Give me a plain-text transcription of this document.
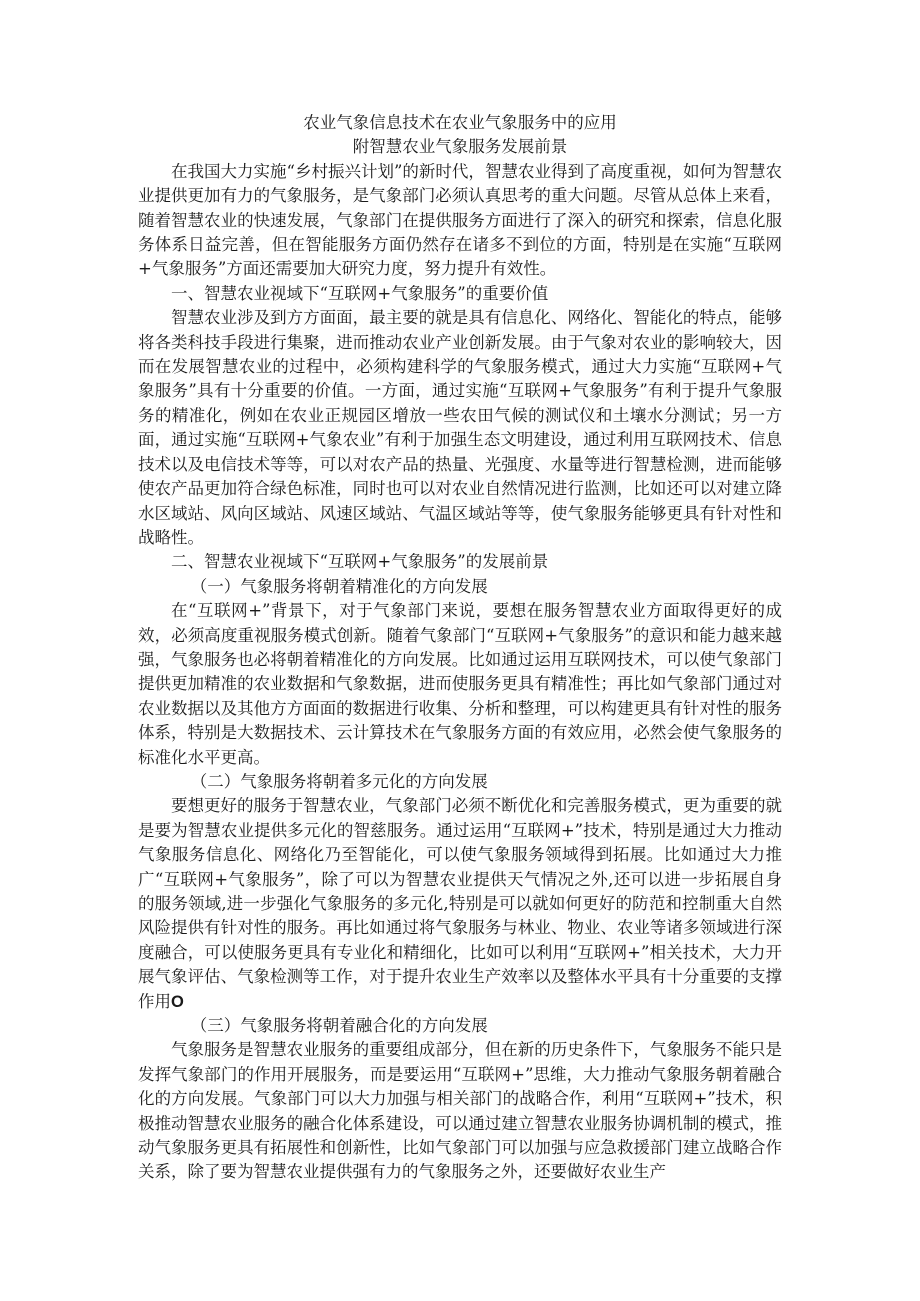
农业气象信息技术在农业气象服务中的应用

附智慧农业气象服务发展前景

在我国大力实施“乡村振兴计划”的新时代，智慧农业得到了高度重视，如何为智慧农业提供更加有力的气象服务，是气象部门必须认真思考的重大问题。尽管从总体上来看，随着智慧农业的快速发展，气象部门在提供服务方面进行了深入的研究和探索，信息化服务体系日益完善，但在智能服务方面仍然存在诸多不到位的方面，特别是在实施“互联网+气象服务”方面还需要加大研究力度，努力提升有效性。

一、智慧农业视域下“互联网+气象服务”的重要价值

智慧农业涉及到方方面面，最主要的就是具有信息化、网络化、智能化的特点，能够将各类科技手段进行集聚，进而推动农业产业创新发展。由于气象对农业的影响较大，因而在发展智慧农业的过程中，必须构建科学的气象服务模式，通过大力实施“互联网+气象服务”具有十分重要的价值。一方面，通过实施“互联网+气象服务”有利于提升气象服务的精准化，例如在农业正规园区增放一些农田气候的测试仪和土壤水分测试；另一方面，通过实施“互联网+气象农业”有利于加强生态文明建设，通过利用互联网技术、信息技术以及电信技术等等，可以对农产品的热量、光强度、水量等进行智慧检测，进而能够使农产品更加符合绿色标准，同时也可以对农业自然情况进行监测，比如还可以对建立降水区域站、风向区域站、风速区域站、气温区域站等等，使气象服务能够更具有针对性和战略性。

二、智慧农业视域下“互联网+气象服务”的发展前景

（一）气象服务将朝着精准化的方向发展

在“互联网+”背景下，对于气象部门来说，要想在服务智慧农业方面取得更好的成效，必须高度重视服务模式创新。随着气象部门“互联网+气象服务”的意识和能力越来越强，气象服务也必将朝着精准化的方向发展。比如通过运用互联网技术，可以使气象部门提供更加精准的农业数据和气象数据，进而使服务更具有精准性；再比如气象部门通过对农业数据以及其他方方面面的数据进行收集、分析和整理，可以构建更具有针对性的服务体系，特别是大数据技术、云计算技术在气象服务方面的有效应用，必然会使气象服务的标准化水平更高。

（二）气象服务将朝着多元化的方向发展

要想更好的服务于智慧农业，气象部门必须不断优化和完善服务模式，更为重要的就是要为智慧农业提供多元化的智慈服务。通过运用“互联网+”技术，特别是通过大力推动气象服务信息化、网络化乃至智能化，可以使气象服务领域得到拓展。比如通过大力推广“互联网+气象服务”，除了可以为智慧农业提供天气情况之外,还可以进一步拓展自身的服务领域,进一步强化气象服务的多元化,特别是可以就如何更好的防范和控制重大自然风险提供有针对性的服务。再比如通过将气象服务与林业、物业、农业等诸多领域进行深度融合，可以使服务更具有专业化和精细化，比如可以利用“互联网+”相关技术，大力开展气象评估、气象检测等工作，对于提升农业生产效率以及整体水平具有十分重要的支撑作用O

（三）气象服务将朝着融合化的方向发展

气象服务是智慧农业服务的重要组成部分，但在新的历史条件下，气象服务不能只是发挥气象部门的作用开展服务，而是要运用“互联网+”思维，大力推动气象服务朝着融合化的方向发展。气象部门可以大力加强与相关部门的战略合作，利用“互联网+”技术，积极推动智慧农业服务的融合化体系建设，可以通过建立智慧农业服务协调机制的模式，推动气象服务更具有拓展性和创新性，比如气象部门可以加强与应急救援部门建立战略合作关系，除了要为智慧农业提供强有力的气象服务之外，还要做好农业生产
